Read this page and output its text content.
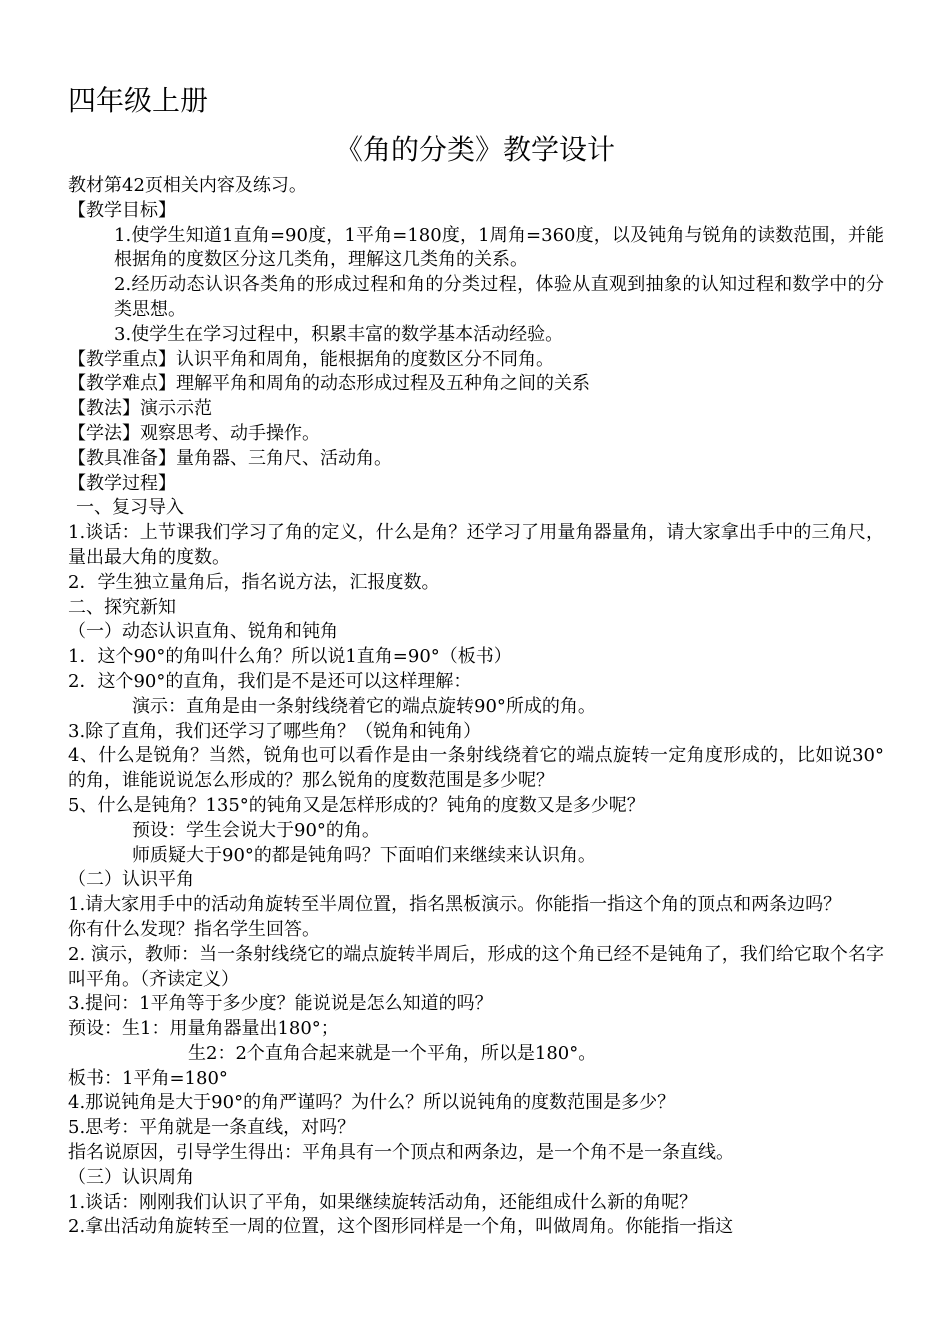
四年级上册
《角的分类》教学设计
教材第42页相关内容及练习。
【教学目标】
1.使学生知道1直角=90度，1平角=180度，1周角=360度，以及钝角与锐角的读数范围，并能根据角的度数区分这几类角，理解这几类角的关系。
2.经历动态认识各类角的形成过程和角的分类过程，体验从直观到抽象的认知过程和数学中的分类思想。
3.使学生在学习过程中，积累丰富的数学基本活动经验。
【教学重点】认识平角和周角，能根据角的度数区分不同角。
【教学难点】理解平角和周角的动态形成过程及五种角之间的关系
【教法】演示示范
【学法】观察思考、动手操作。
【教具准备】量角器、三角尺、活动角。
【教学过程】
一、复习导入
1.谈话：上节课我们学习了角的定义，什么是角？还学习了用量角器量角，请大家拿出手中的三角尺，量出最大角的度数。
2．学生独立量角后，指名说方法，汇报度数。
二、探究新知
（一）动态认识直角、锐角和钝角
1．这个90°的角叫什么角？所以说1直角=90°（板书）
2．这个90°的直角，我们是不是还可以这样理解：
演示：直角是由一条射线绕着它的端点旋转90°所成的角。
3.除了直角，我们还学习了哪些角？（锐角和钝角）
4、什么是锐角？当然，锐角也可以看作是由一条射线绕着它的端点旋转一定角度形成的，比如说30°的角，谁能说说怎么形成的？那么锐角的度数范围是多少呢？
5、什么是钝角？135°的钝角又是怎样形成的？钝角的度数又是多少呢？
预设：学生会说大于90°的角。
师质疑大于90°的都是钝角吗？下面咱们来继续来认识角。
（二）认识平角
1.请大家用手中的活动角旋转至半周位置，指名黑板演示。你能指一指这个角的顶点和两条边吗？
你有什么发现？指名学生回答。
2. 演示，教师：当一条射线绕它的端点旋转半周后，形成的这个角已经不是钝角了，我们给它取个名字叫平角。（齐读定义）
3.提问：1平角等于多少度？能说说是怎么知道的吗？
预设：生1：用量角器量出180°；
生2：2个直角合起来就是一个平角，所以是180°。
板书：1平角=180°
4.那说钝角是大于90°的角严谨吗？为什么？所以说钝角的度数范围是多少？
5.思考：平角就是一条直线，对吗？
指名说原因，引导学生得出：平角具有一个顶点和两条边，是一个角不是一条直线。
（三）认识周角
1.谈话：刚刚我们认识了平角，如果继续旋转活动角，还能组成什么新的角呢？
2.拿出活动角旋转至一周的位置，这个图形同样是一个角，叫做周角。你能指一指这
